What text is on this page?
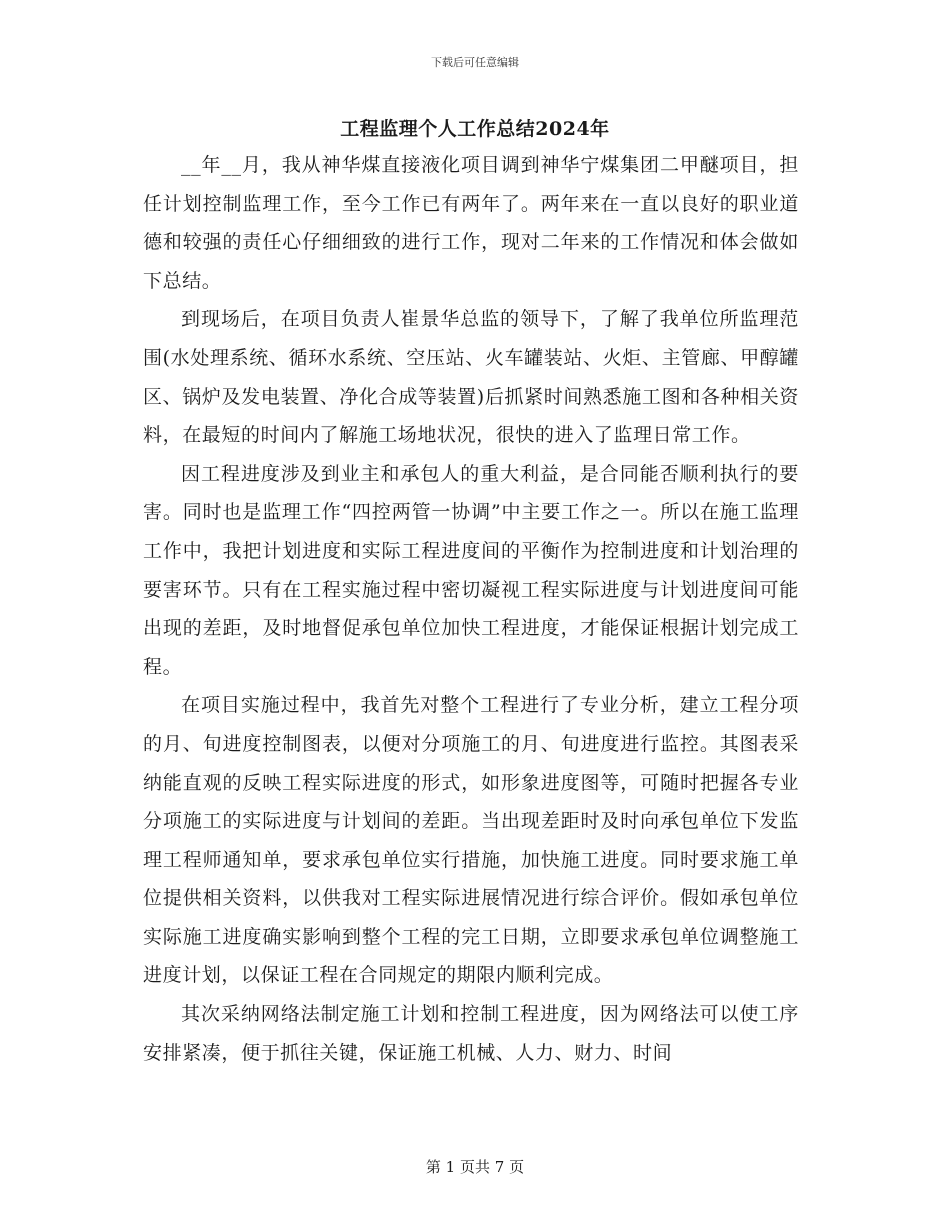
下载后可任意编辑
工程监理个人工作总结2024年

__年__月，我从神华煤直接液化项目调到神华宁煤集团二甲醚项目，担任计划控制监理工作，至今工作已有两年了。两年来在一直以良好的职业道德和较强的责任心仔细细致的进行工作，现对二年来的工作情况和体会做如下总结。

到现场后，在项目负责人崔景华总监的领导下，了解了我单位所监理范围(水处理系统、循环水系统、空压站、火车罐装站、火炬、主管廊、甲醇罐区、锅炉及发电装置、净化合成等装置)后抓紧时间熟悉施工图和各种相关资料，在最短的时间内了解施工场地状况，很快的进入了监理日常工作。

因工程进度涉及到业主和承包人的重大利益，是合同能否顺利执行的要害。同时也是监理工作“四控两管一协调”中主要工作之一。所以在施工监理工作中，我把计划进度和实际工程进度间的平衡作为控制进度和计划治理的要害环节。只有在工程实施过程中密切凝视工程实际进度与计划进度间可能出现的差距，及时地督促承包单位加快工程进度，才能保证根据计划完成工程。

在项目实施过程中，我首先对整个工程进行了专业分析，建立工程分项的月、旬进度控制图表，以便对分项施工的月、旬进度进行监控。其图表采纳能直观的反映工程实际进度的形式，如形象进度图等，可随时把握各专业分项施工的实际进度与计划间的差距。当出现差距时及时向承包单位下发监理工程师通知单，要求承包单位实行措施，加快施工进度。同时要求施工单位提供相关资料，以供我对工程实际进展情况进行综合评价。假如承包单位实际施工进度确实影响到整个工程的完工日期，立即要求承包单位调整施工进度计划，以保证工程在合同规定的期限内顺利完成。

其次采纳网络法制定施工计划和控制工程进度，因为网络法可以使工序安排紧凑，便于抓往关键，保证施工机械、人力、财力、时间

第 1 页共 7 页
